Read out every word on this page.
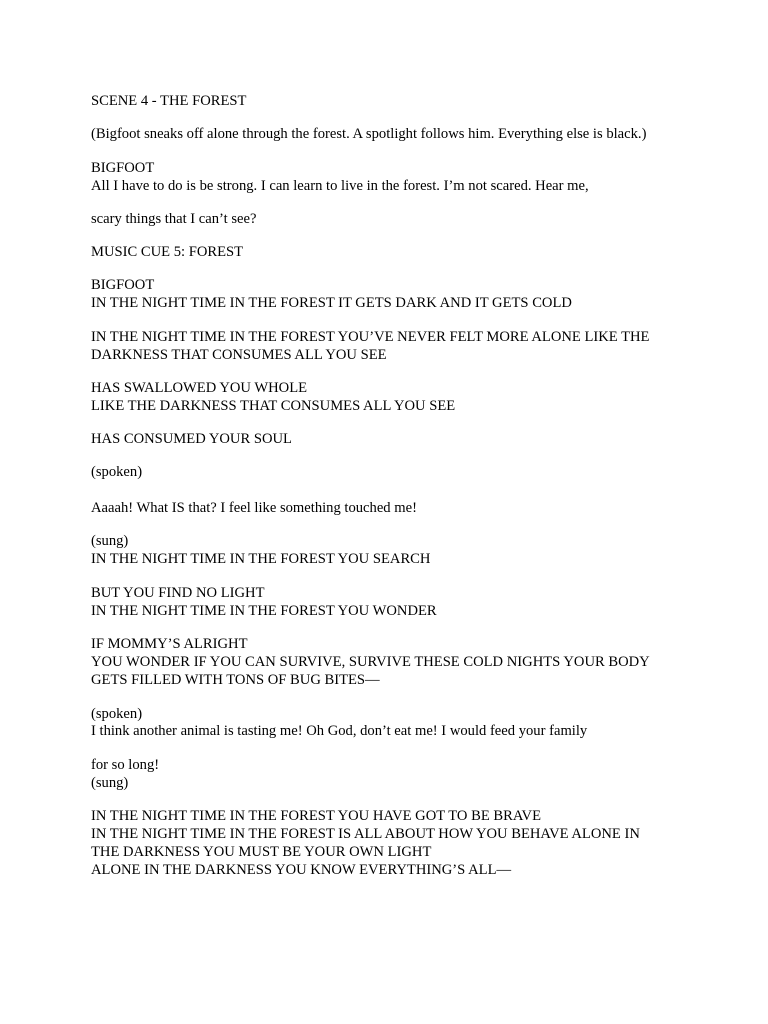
SCENE 4 - THE FOREST

(Bigfoot sneaks off alone through the forest. A spotlight follows him. Everything else is black.)

BIGFOOT

All I have to do is be strong. I can learn to live in the forest. I’m not scared. Hear me,

scary things that I can’t see?

MUSIC CUE 5: FOREST

BIGFOOT

IN THE NIGHT TIME IN THE FOREST IT GETS DARK AND IT GETS COLD

IN THE NIGHT TIME IN THE FOREST YOU’VE NEVER FELT MORE ALONE LIKE THE

DARKNESS THAT CONSUMES ALL YOU SEE

HAS SWALLOWED YOU WHOLE

LIKE THE DARKNESS THAT CONSUMES ALL YOU SEE

HAS CONSUMED YOUR SOUL

(spoken)

Aaaah! What IS that? I feel like something touched me!

(sung)

IN THE NIGHT TIME IN THE FOREST YOU SEARCH

BUT YOU FIND NO LIGHT

IN THE NIGHT TIME IN THE FOREST YOU WONDER

IF MOMMY’S ALRIGHT

YOU WONDER IF YOU CAN SURVIVE, SURVIVE THESE COLD NIGHTS YOUR BODY

GETS FILLED WITH TONS OF BUG BITES—

(spoken)

I think another animal is tasting me! Oh God, don’t eat me! I would feed your family

for so long!

(sung)

IN THE NIGHT TIME IN THE FOREST YOU HAVE GOT TO BE BRAVE

IN THE NIGHT TIME IN THE FOREST IS ALL ABOUT HOW YOU BEHAVE ALONE IN

THE DARKNESS YOU MUST BE YOUR OWN LIGHT

ALONE IN THE DARKNESS YOU KNOW EVERYTHING’S ALL—
